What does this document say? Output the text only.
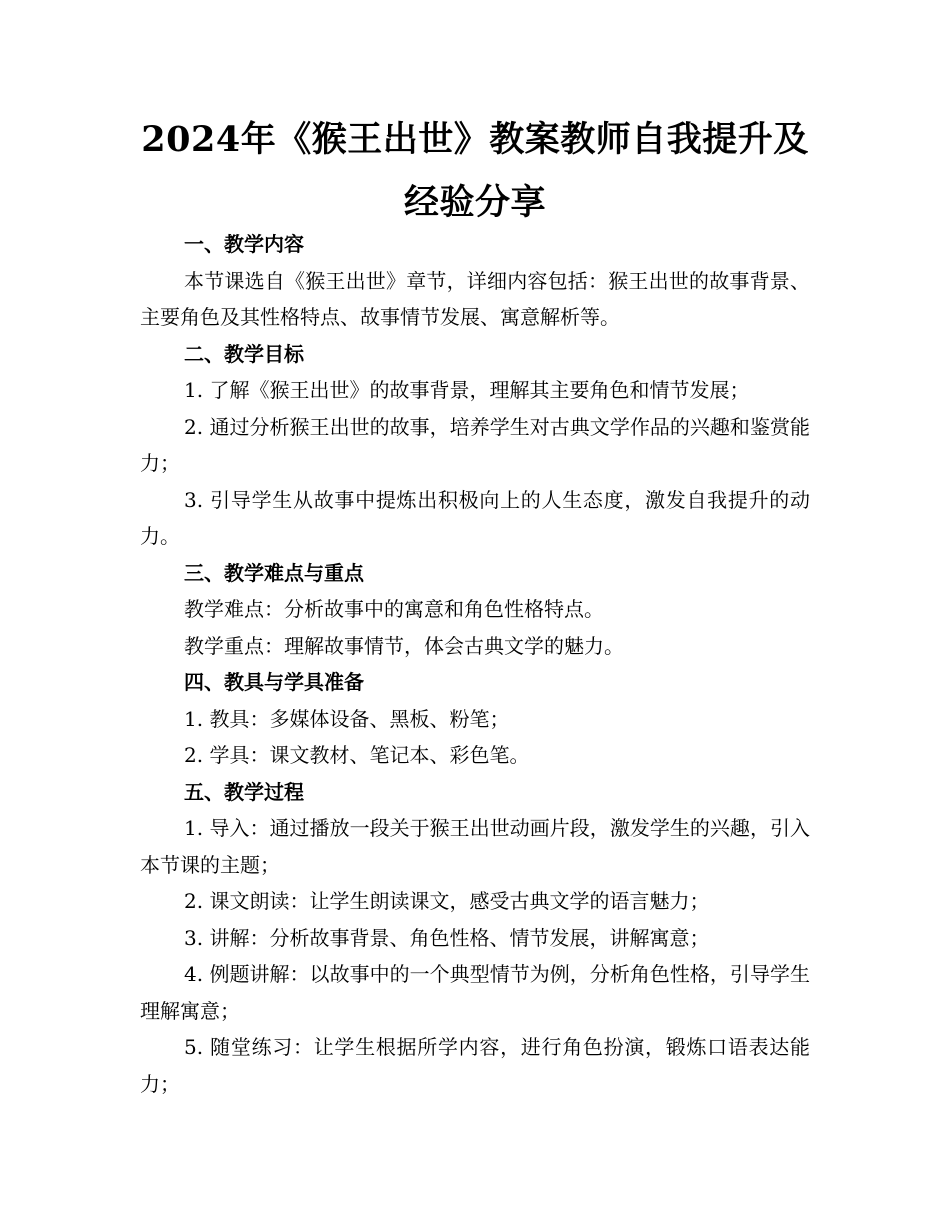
2024年《猴王出世》教案教师自我提升及经验分享

一、教学内容

本节课选自《猴王出世》章节，详细内容包括：猴王出世的故事背景、主要角色及其性格特点、故事情节发展、寓意解析等。

二、教学目标

1. 了解《猴王出世》的故事背景，理解其主要角色和情节发展；

2. 通过分析猴王出世的故事，培养学生对古典文学作品的兴趣和鉴赏能力；

3. 引导学生从故事中提炼出积极向上的人生态度，激发自我提升的动力。

三、教学难点与重点

教学难点：分析故事中的寓意和角色性格特点。

教学重点：理解故事情节，体会古典文学的魅力。

四、教具与学具准备

1. 教具：多媒体设备、黑板、粉笔；

2. 学具：课文教材、笔记本、彩色笔。

五、教学过程

1. 导入：通过播放一段关于猴王出世动画片段，激发学生的兴趣，引入本节课的主题；

2. 课文朗读：让学生朗读课文，感受古典文学的语言魅力；

3. 讲解：分析故事背景、角色性格、情节发展，讲解寓意；

4. 例题讲解：以故事中的一个典型情节为例，分析角色性格，引导学生理解寓意；

5. 随堂练习：让学生根据所学内容，进行角色扮演，锻炼口语表达能力；
